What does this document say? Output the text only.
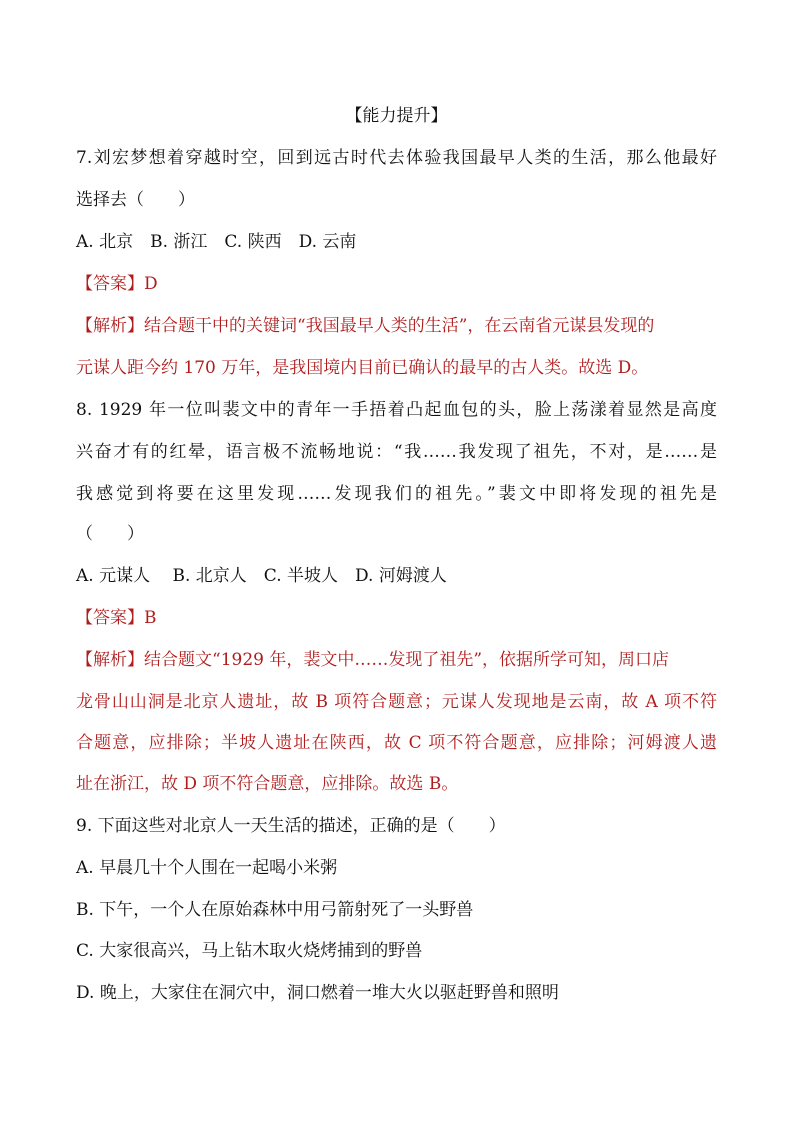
【能力提升】
7.刘宏梦想着穿越时空，回到远古时代去体验我国最早人类的生活，那么他最好
选择去（　　）
A. 北京　B. 浙江　C. 陕西　D. 云南
【答案】D
【解析】结合题干中的关键词“我国最早人类的生活”，在云南省元谋县发现的
元谋人距今约 170 万年，是我国境内目前已确认的最早的古人类。故选 D。
8. 1929 年一位叫裴文中的青年一手捂着凸起血包的头，脸上荡漾着显然是高度
兴奋才有的红晕，语言极不流畅地说：“我……我发现了祖先，不对，是……是
我感觉到将要在这里发现……发现我们的祖先。”裴文中即将发现的祖先是
（　　）
A. 元谋人　 B. 北京人　C. 半坡人　D. 河姆渡人
【答案】B
【解析】结合题文“1929 年，裴文中……发现了祖先”，依据所学可知，周口店
龙骨山山洞是北京人遗址，故 B 项符合题意；元谋人发现地是云南，故 A 项不符
合题意，应排除；半坡人遗址在陕西，故 C 项不符合题意，应排除；河姆渡人遗
址在浙江，故 D 项不符合题意，应排除。故选 B。
9. 下面这些对北京人一天生活的描述，正确的是（　　）
A. 早晨几十个人围在一起喝小米粥
B. 下午，一个人在原始森林中用弓箭射死了一头野兽
C. 大家很高兴，马上钻木取火烧烤捕到的野兽
D. 晚上，大家住在洞穴中，洞口燃着一堆大火以驱赶野兽和照明
